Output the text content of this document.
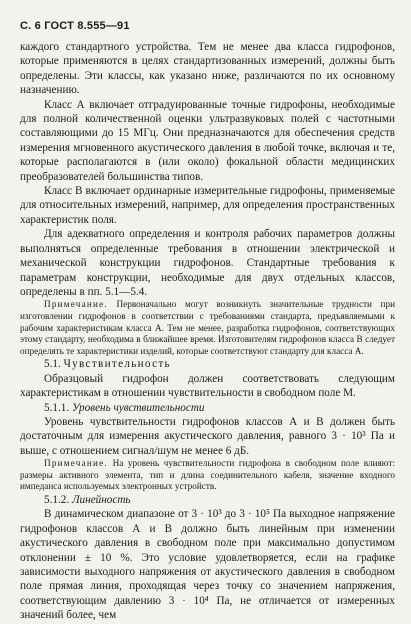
С. 6 ГОСТ 8.555—91

каждого стандартного устройства. Тем не менее два класса гидрофонов, которые применяются в целях стандартизованных измерений, должны быть определены. Эти классы, как указано ниже, различаются по их основному назначению.

Класс А включает отградуированные точные гидрофоны, необходимые для полной количественной оценки ультразвуковых полей с частотными составляющими до 15 МГц. Они предназначаются для обеспечения средств измерения мгновенного акустического давления в любой точке, включая и те, которые располагаются в (или около) фокальной области медицинских преобразователей большинства типов.

Класс В включает ординарные измерительные гидрофоны, применяемые для относительных измерений, например, для определения пространственных характеристик поля.

Для адекватного определения и контроля рабочих параметров должны выполняться определенные требования в отношении электрической и механической конструкции гидрофонов. Стандартные требования к параметрам конструкции, необходимые для двух отдельных классов, определены в пп. 5.1—5.4.

Примечание. Первоначально могут возникнуть значительные трудности при изготовлении гидрофонов в соответствии с требованиями стандарта, предъявляемыми к рабочим характеристикам класса А. Тем не менее, разработка гидрофонов, соответствующих этому стандарту, необходима в ближайшее время. Изготовителям гидрофонов класса В следует определять те характеристики изделий, которые соответствуют стандарту для класса А.

5.1. Чувствительность

Образцовый гидрофон должен соответствовать следующим характеристикам в отношении чувствительности в свободном поле M.

5.1.1. Уровень чувствительности

Уровень чувствительности гидрофонов классов А и В должен быть достаточным для измерения акустического давления, равного 3 · 10³ Па и выше, с отношением сигнал/шум не менее 6 дБ.

Примечание. На уровень чувствительности гидрофона в свободном поле влияют: размеры активного элемента, тип и длина соединительного кабеля, значение входного импеданса используемых электронных устройств.

5.1.2. Линейность

В динамическом диапазоне от 3 · 10³ до 3 · 10⁵ Па выходное напряжение гидрофонов классов А и В должно быть линейным при изменении акустического давления в свободном поле при максимально допустимом отклонении ± 10 %. Это условие удовлетворяется, если на графике зависимости выходного напряжения от акустического давления в свободном поле прямая линия, проходящая через точку со значением напряжения, соответствующим давлению 3 · 10⁴ Па, не отличается от измеренных значений более, чем
